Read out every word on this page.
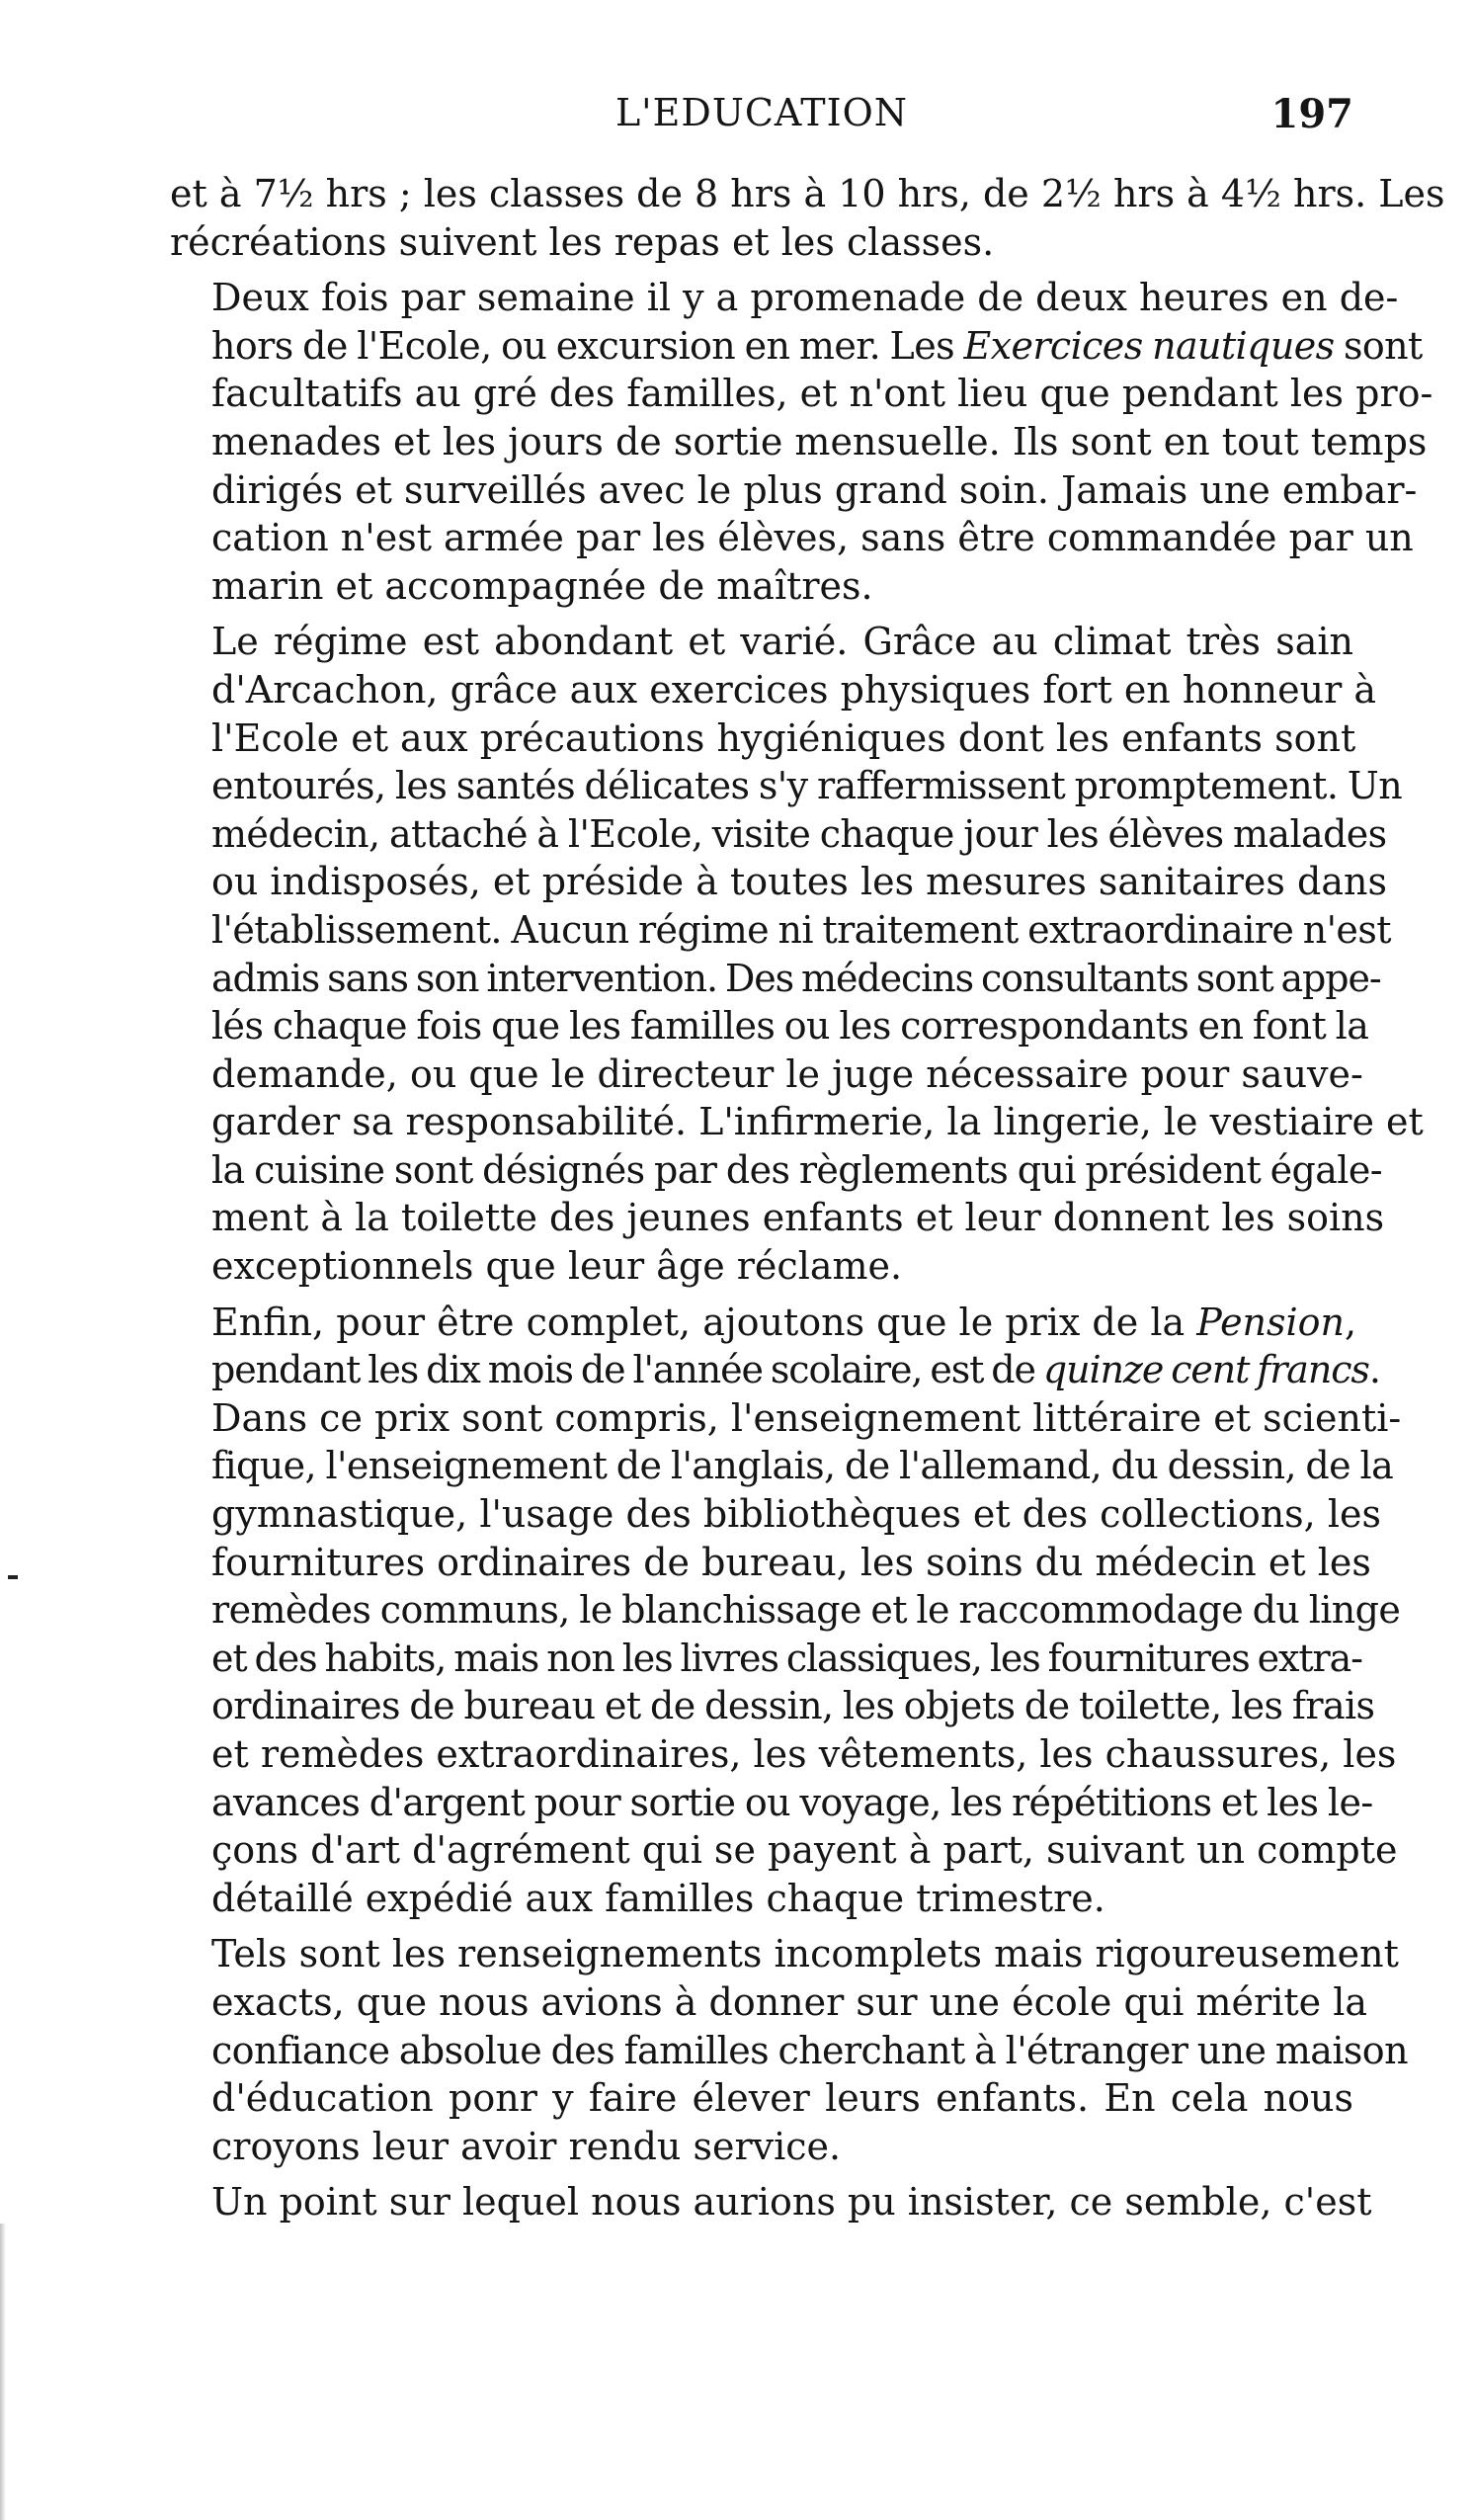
L'EDUCATION	197

et à 7½ hrs ; les classes de 8 hrs à 10 hrs, de 2½ hrs à 4½ hrs. Les
récréations suivent les repas et les classes.

Deux fois par semaine il y a promenade de deux heures en de-
hors de l'Ecole, ou excursion en mer. Les Exercices nautiques sont
facultatifs au gré des familles, et n'ont lieu que pendant les pro-
menades et les jours de sortie mensuelle. Ils sont en tout temps
dirigés et surveillés avec le plus grand soin. Jamais une embar-
cation n'est armée par les élèves, sans être commandée par un
marin et accompagnée de maîtres.

Le régime est abondant et varié. Grâce au climat très sain
d'Arcachon, grâce aux exercices physiques fort en honneur à
l'Ecole et aux précautions hygiéniques dont les enfants sont
entourés, les santés délicates s'y raffermissent promptement. Un
médecin, attaché à l'Ecole, visite chaque jour les élèves malades
ou indisposés, et préside à toutes les mesures sanitaires dans
l'établissement. Aucun régime ni traitement extraordinaire n'est
admis sans son intervention. Des médecins consultants sont appe-
lés chaque fois que les familles ou les correspondants en font la
demande, ou que le directeur le juge nécessaire pour sauve-
garder sa responsabilité. L'infirmerie, la lingerie, le vestiaire et
la cuisine sont désignés par des règlements qui président égale-
ment à la toilette des jeunes enfants et leur donnent les soins
exceptionnels que leur âge réclame.

Enfin, pour être complet, ajoutons que le prix de la Pension,
pendant les dix mois de l'année scolaire, est de quinze cent francs.
Dans ce prix sont compris, l'enseignement littéraire et scienti-
fique, l'enseignement de l'anglais, de l'allemand, du dessin, de la
gymnastique, l'usage des bibliothèques et des collections, les
fournitures ordinaires de bureau, les soins du médecin et les
remèdes communs, le blanchissage et le raccommodage du linge
et des habits, mais non les livres classiques, les fournitures extra-
ordinaires de bureau et de dessin, les objets de toilette, les frais
et remèdes extraordinaires, les vêtements, les chaussures, les
avances d'argent pour sortie ou voyage, les répétitions et les le-
çons d'art d'agrément qui se payent à part, suivant un compte
détaillé expédié aux familles chaque trimestre.

Tels sont les renseignements incomplets mais rigoureusement
exacts, que nous avions à donner sur une école qui mérite la
confiance absolue des familles cherchant à l'étranger une maison
d'éducation ponr y faire élever leurs enfants. En cela nous
croyons leur avoir rendu service.

Un point sur lequel nous aurions pu insister, ce semble, c'est
